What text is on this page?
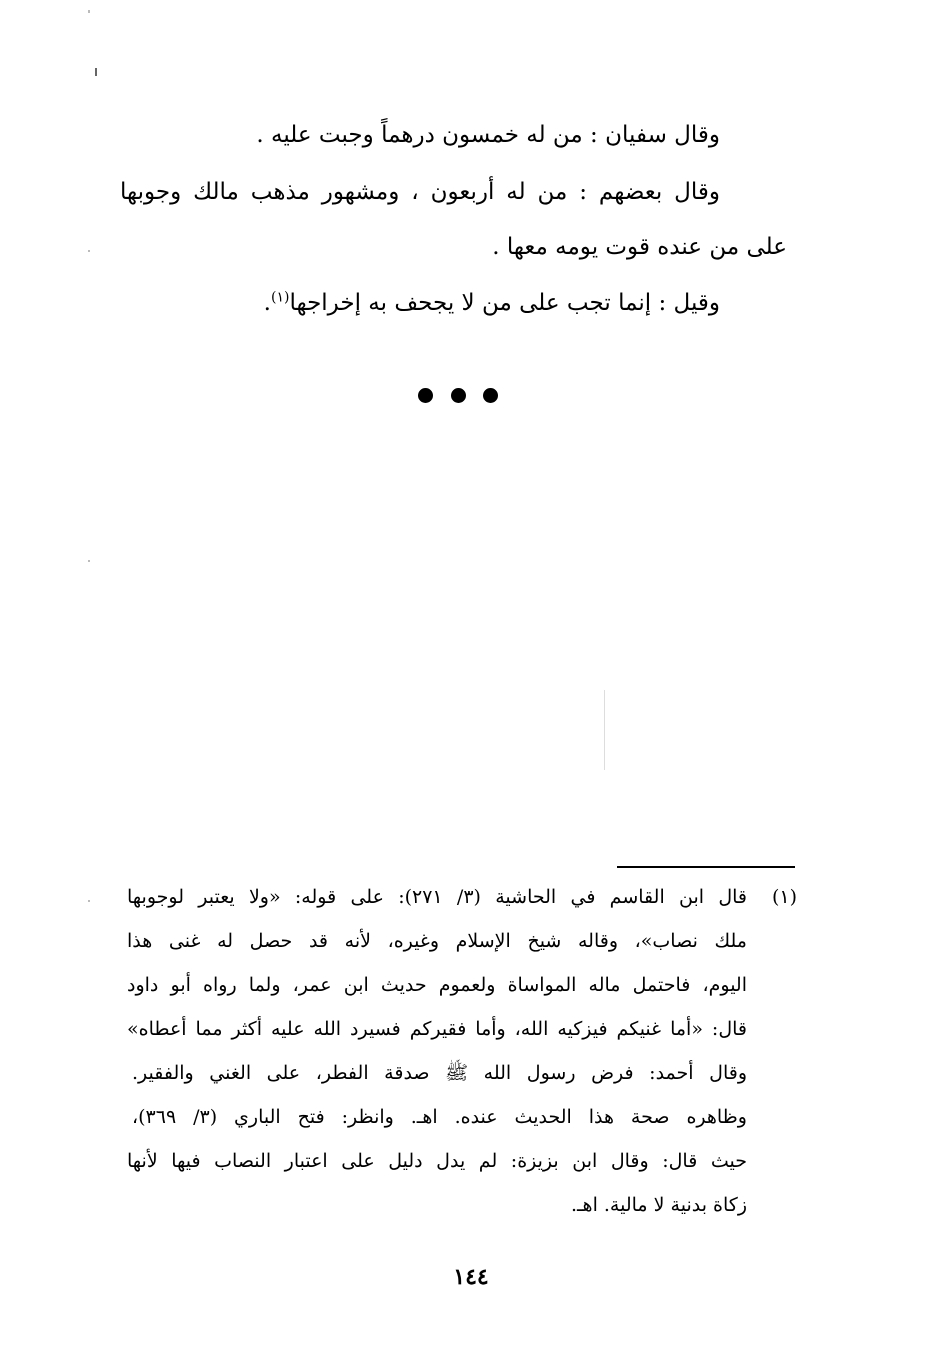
وقال سفيان : من له خمسون درهماً وجبت عليه .
وقال بعضهم : من له أربعون ، ومشهور مذهب مالك وجوبها
على من عنده قوت يومه معها .
وقيل : إنما تجب على من لا يجحف به إخراجها$^{(١)}$.
(١)
قال ابن القاسم في الحاشية (٣/ ٢٧١): على قوله: «ولا يعتبر لوجوبها
ملك نصاب»، وقاله شيخ الإسلام وغيره، لأنه قد حصل له غنى هذا
اليوم، فاحتمل ماله المواساة ولعموم حديث ابن عمر، ولما رواه أبو داود
قال: «أما غنيكم فيزكيه الله، وأما فقيركم فسيرد الله عليه أكثر مما أعطاه»
وقال أحمد: فرض رسول الله ﷺ صدقة الفطر، على الغني والفقير.
وظاهره صحة هذا الحديث عنده. اهـ. وانظر: فتح الباري (٣/ ٣٦٩)،
حيث قال: وقال ابن بزيزة: لم يدل دليل على اعتبار النصاب فيها لأنها
زكاة بدنية لا مالية. اهـ.
١٤٤
